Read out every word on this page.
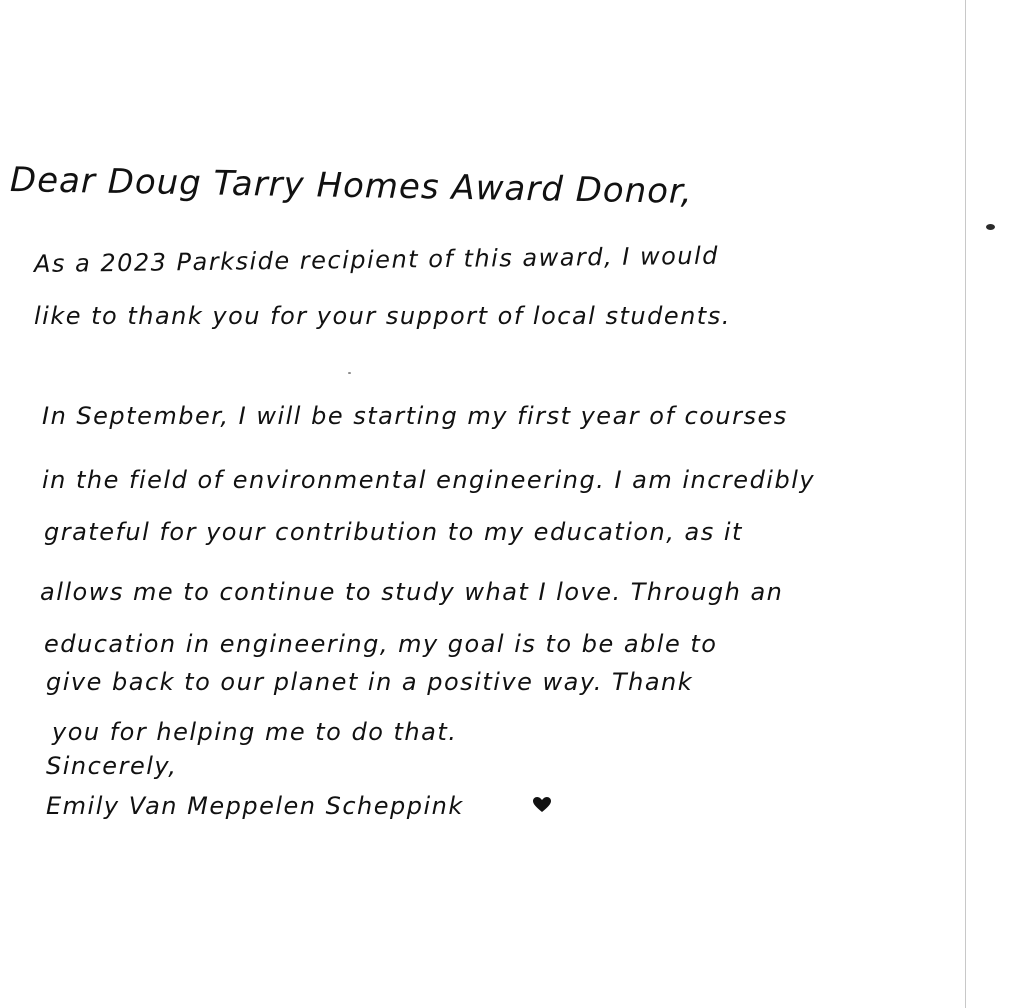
Dear Doug Tarry Homes Award Donor,
As a 2023 Parkside recipient of this award, I would
like to thank you for your support of local students.
In September, I will be starting my first year of courses
in the field of environmental engineering. I am incredibly
grateful for your contribution to my education, as it
allows me to continue to study what I love. Through an
education in engineering, my goal is to be able to
give back to our planet in a positive way. Thank
you for helping me to do that.
Sincerely,
Emily Van Meppelen Scheppink
